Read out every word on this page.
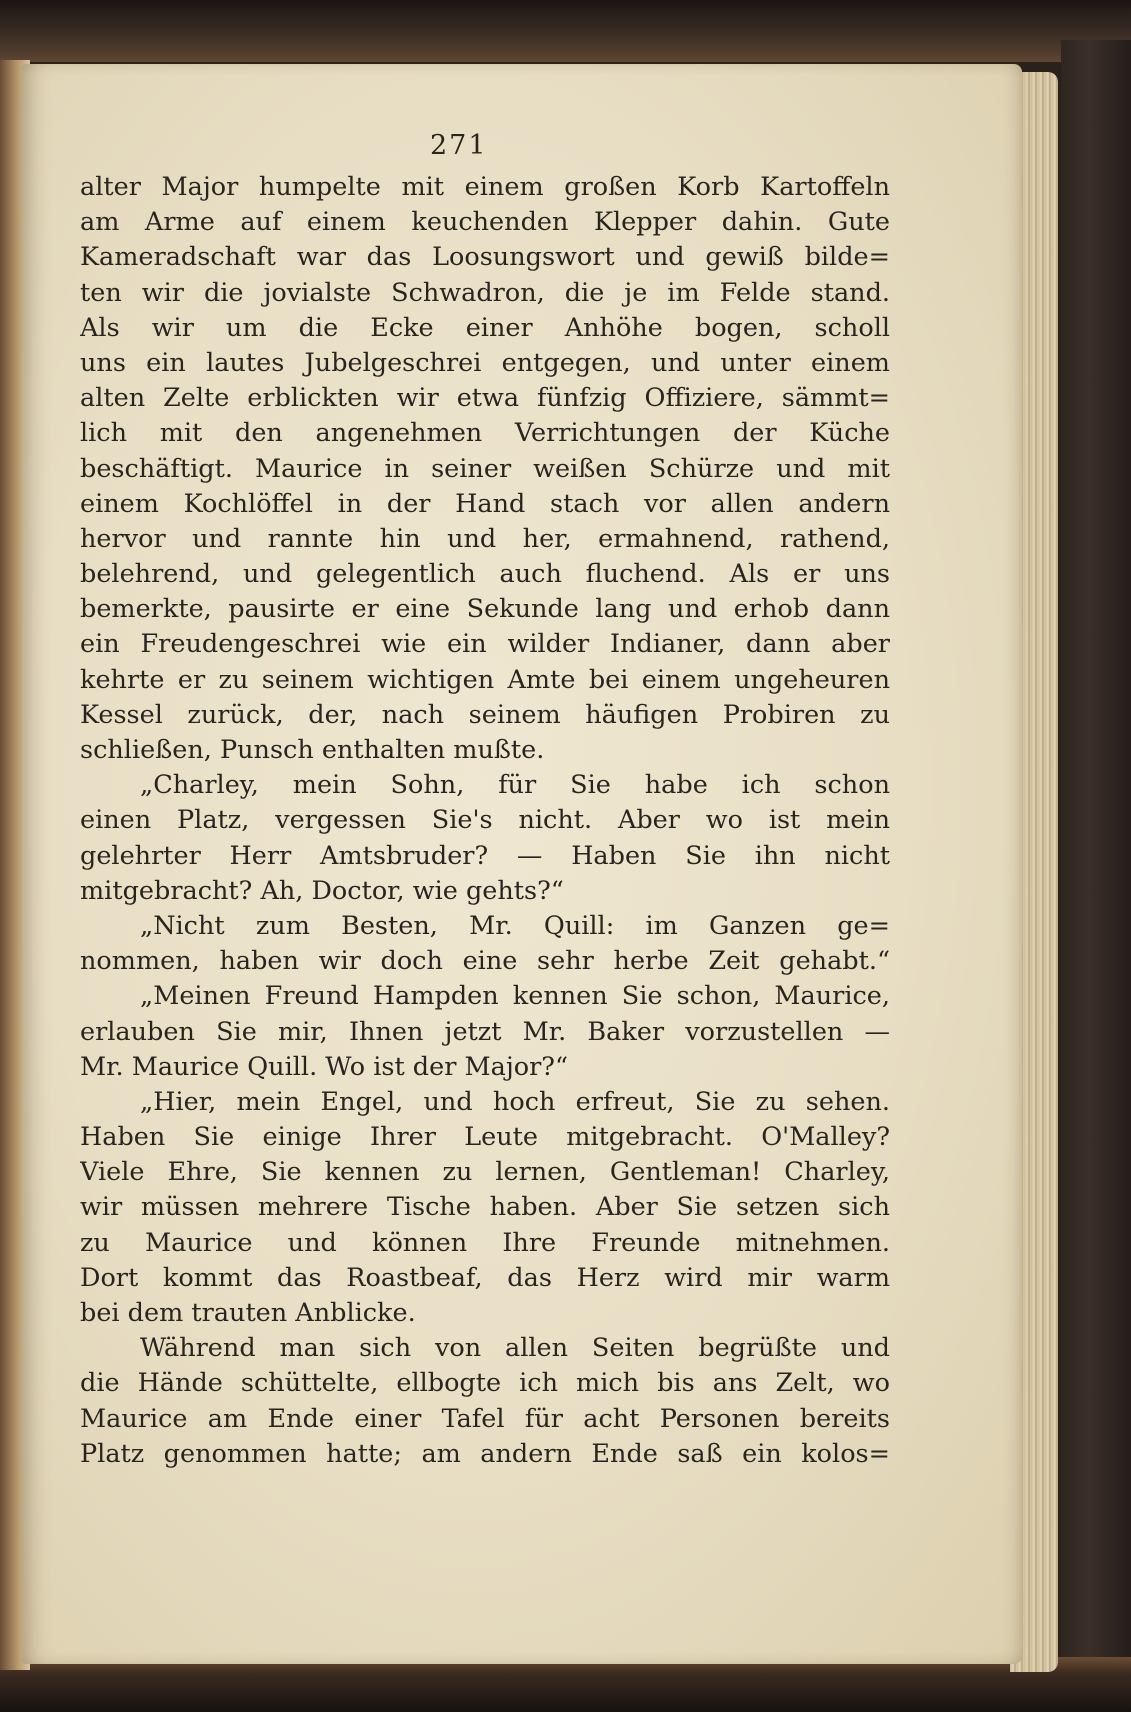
271
alter Major humpelte mit einem großen Korb Kartoffeln
am Arme auf einem keuchenden Klepper dahin. Gute
Kameradschaft war das Loosungswort und gewiß bilde=
ten wir die jovialste Schwadron, die je im Felde stand.
Als wir um die Ecke einer Anhöhe bogen, scholl
uns ein lautes Jubelgeschrei entgegen, und unter einem
alten Zelte erblickten wir etwa fünfzig Offiziere, sämmt=
lich mit den angenehmen Verrichtungen der Küche
beschäftigt. Maurice in seiner weißen Schürze und mit
einem Kochlöffel in der Hand stach vor allen andern
hervor und rannte hin und her, ermahnend, rathend,
belehrend, und gelegentlich auch fluchend. Als er uns
bemerkte, pausirte er eine Sekunde lang und erhob dann
ein Freudengeschrei wie ein wilder Indianer, dann aber
kehrte er zu seinem wichtigen Amte bei einem ungeheuren
Kessel zurück, der, nach seinem häufigen Probiren zu
schließen, Punsch enthalten mußte.
„Charley, mein Sohn, für Sie habe ich schon
einen Platz, vergessen Sie's nicht. Aber wo ist mein
gelehrter Herr Amtsbruder? — Haben Sie ihn nicht
mitgebracht? Ah, Doctor, wie gehts?“
„Nicht zum Besten, Mr. Quill: im Ganzen ge=
nommen, haben wir doch eine sehr herbe Zeit gehabt.“
„Meinen Freund Hampden kennen Sie schon, Maurice,
erlauben Sie mir, Ihnen jetzt Mr. Baker vorzustellen —
Mr. Maurice Quill. Wo ist der Major?“
„Hier, mein Engel, und hoch erfreut, Sie zu sehen.
Haben Sie einige Ihrer Leute mitgebracht. O'Malley?
Viele Ehre, Sie kennen zu lernen, Gentleman! Charley,
wir müssen mehrere Tische haben. Aber Sie setzen sich
zu Maurice und können Ihre Freunde mitnehmen.
Dort kommt das Roastbeaf, das Herz wird mir warm
bei dem trauten Anblicke.
Während man sich von allen Seiten begrüßte und
die Hände schüttelte, ellbogte ich mich bis ans Zelt, wo
Maurice am Ende einer Tafel für acht Personen bereits
Platz genommen hatte; am andern Ende saß ein kolos=
